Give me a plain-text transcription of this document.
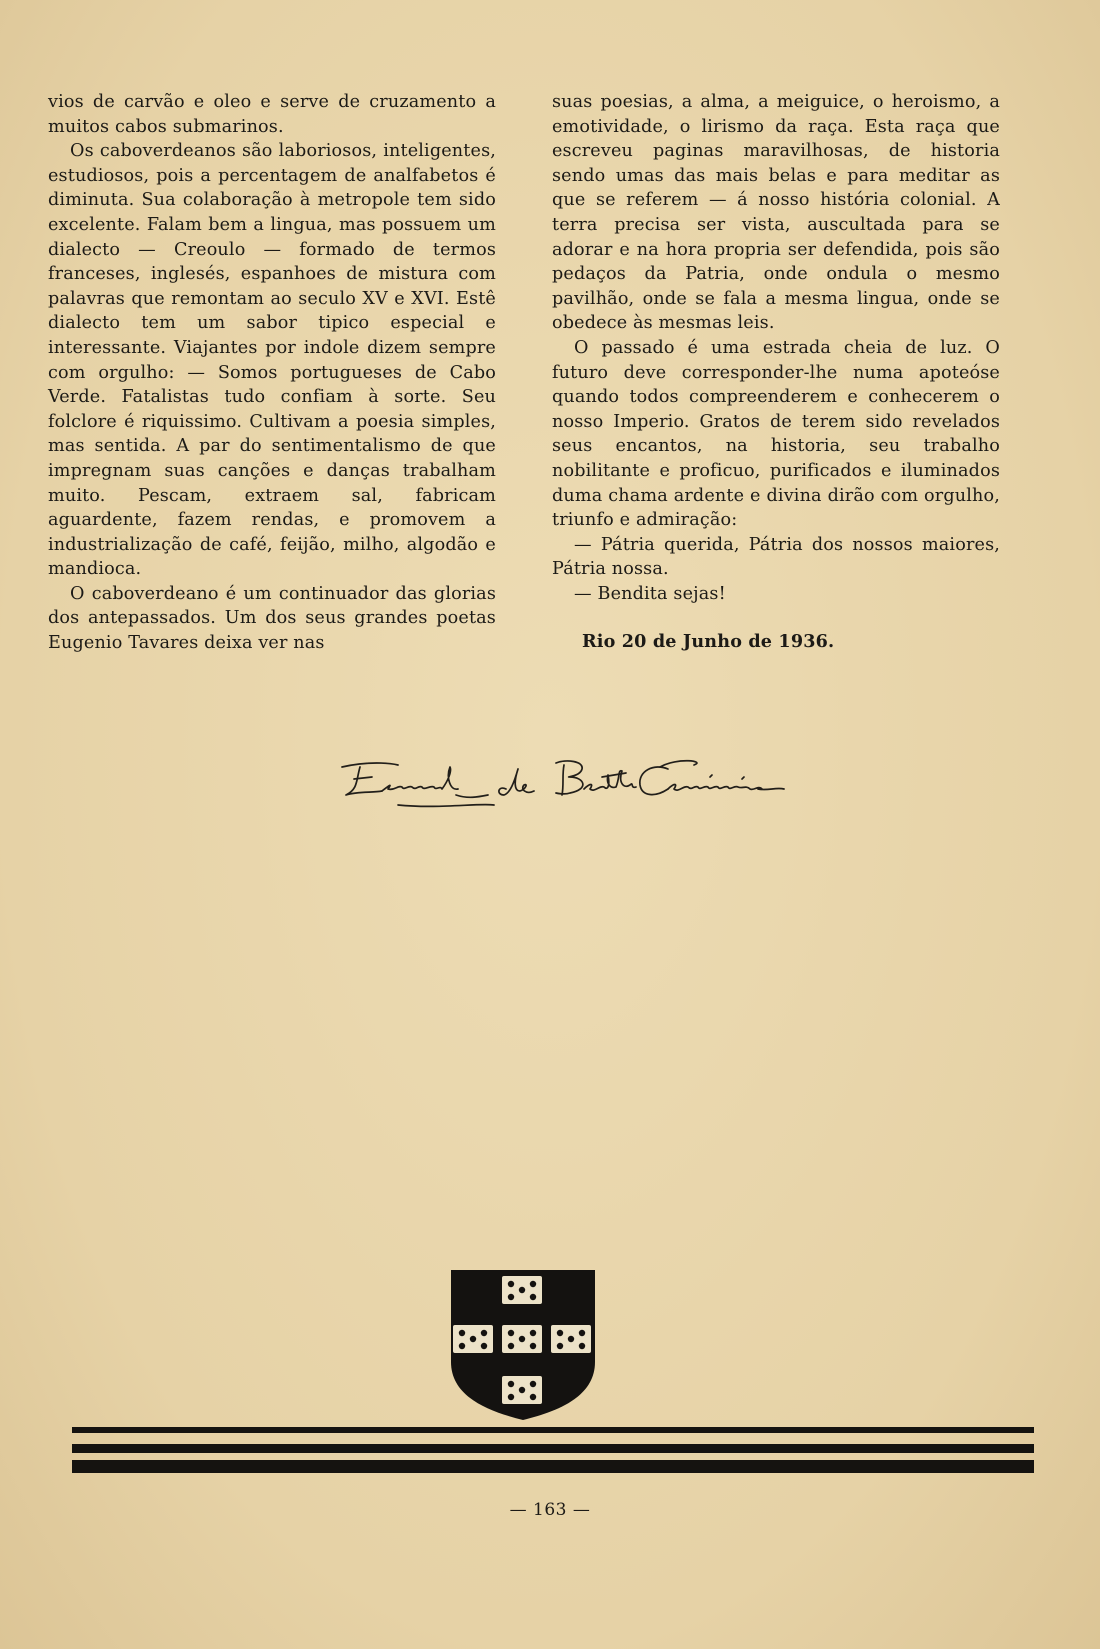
vios de carvão e oleo e serve de cruzamento a muitos cabos submarinos.

Os caboverdeanos são laboriosos, inteligentes, estudiosos, pois a percentagem de analfabetos é diminuta. Sua colaboração à metropole tem sido excelente. Falam bem a lingua, mas possuem um dialecto — Creoulo — formado de termos franceses, inglesés, espanhoes de mistura com palavras que remontam ao seculo XV e XVI. Estê dialecto tem um sabor tipico especial e interessante. Viajantes por indole dizem sempre com orgulho: — Somos portugueses de Cabo Verde. Fatalistas tudo confiam à sorte. Seu folclore é riquissimo. Cultivam a poesia simples, mas sentida. A par do sentimentalismo de que impregnam suas canções e danças trabalham muito. Pescam, extraem sal, fabricam aguardente, fazem rendas, e promovem a industrialização de café, feijão, milho, algodão e mandioca.

O caboverdeano é um continuador das glorias dos antepassados. Um dos seus grandes poetas Eugenio Tavares deixa ver nas

suas poesias, a alma, a meiguice, o heroismo, a emotividade, o lirismo da raça. Esta raça que escreveu paginas maravilhosas, de historia sendo umas das mais belas e para meditar as que se referem — á nosso história colonial. A terra precisa ser vista, auscultada para se adorar e na hora propria ser defendida, pois são pedaços da Patria, onde ondula o mesmo pavilhão, onde se fala a mesma lingua, onde se obedece às mesmas leis.

O passado é uma estrada cheia de luz. O futuro deve corresponder-lhe numa apoteóse quando todos compreenderem e conhecerem o nosso Imperio. Gratos de terem sido revelados seus encantos, na historia, seu trabalho nobilitante e proficuo, purificados e iluminados duma chama ardente e divina dirão com orgulho, triunfo e admiração:

— Pátria querida, Pátria dos nossos maiores, Pátria nossa.

— Bendita sejas!

Rio 20 de Junho de 1936.

— 163 —
